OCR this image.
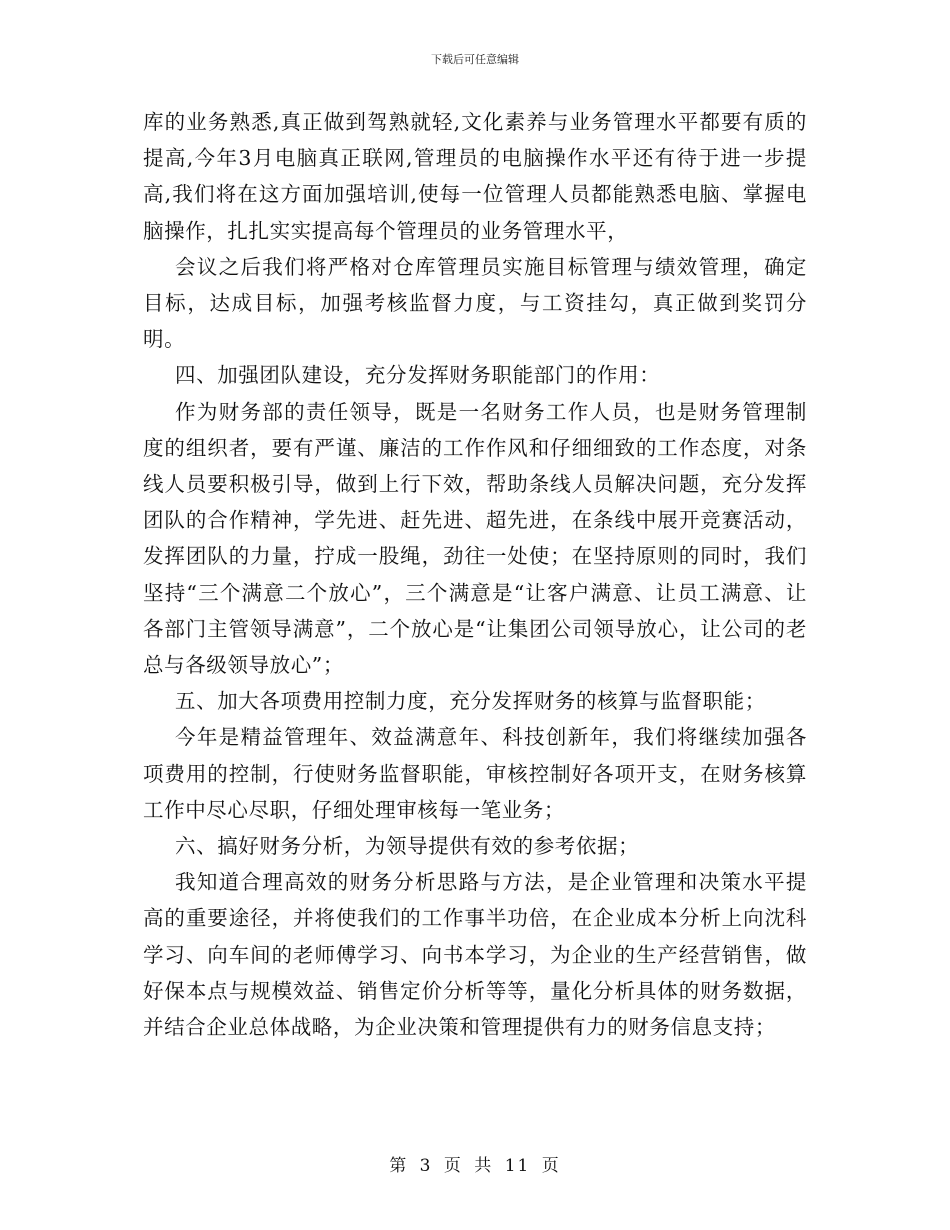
下载后可任意编辑

库的业务熟悉,真正做到驾熟就轻,文化素养与业务管理水平都要有质的提高,今年3月电脑真正联网,管理员的电脑操作水平还有待于进一步提高,我们将在这方面加强培训,使每一位管理人员都能熟悉电脑、掌握电脑操作，扎扎实实提高每个管理员的业务管理水平，

会议之后我们将严格对仓库管理员实施目标管理与绩效管理，确定目标，达成目标，加强考核监督力度，与工资挂勾，真正做到奖罚分明。

四、加强团队建设，充分发挥财务职能部门的作用：

作为财务部的责任领导，既是一名财务工作人员，也是财务管理制度的组织者，要有严谨、廉洁的工作作风和仔细细致的工作态度，对条线人员要积极引导，做到上行下效，帮助条线人员解决问题，充分发挥团队的合作精神，学先进、赶先进、超先进，在条线中展开竞赛活动，发挥团队的力量，拧成一股绳，劲往一处使；在坚持原则的同时，我们坚持“三个满意二个放心”，三个满意是“让客户满意、让员工满意、让各部门主管领导满意”，二个放心是“让集团公司领导放心，让公司的老总与各级领导放心”；

五、加大各项费用控制力度，充分发挥财务的核算与监督职能；

今年是精益管理年、效益满意年、科技创新年，我们将继续加强各项费用的控制，行使财务监督职能，审核控制好各项开支，在财务核算工作中尽心尽职，仔细处理审核每一笔业务；

六、搞好财务分析，为领导提供有效的参考依据；

我知道合理高效的财务分析思路与方法，是企业管理和决策水平提高的重要途径，并将使我们的工作事半功倍，在企业成本分析上向沈科学习、向车间的老师傅学习、向书本学习，为企业的生产经营销售，做好保本点与规模效益、销售定价分析等等，量化分析具体的财务数据，并结合企业总体战略，为企业决策和管理提供有力的财务信息支持；

第 3 页 共 11 页
